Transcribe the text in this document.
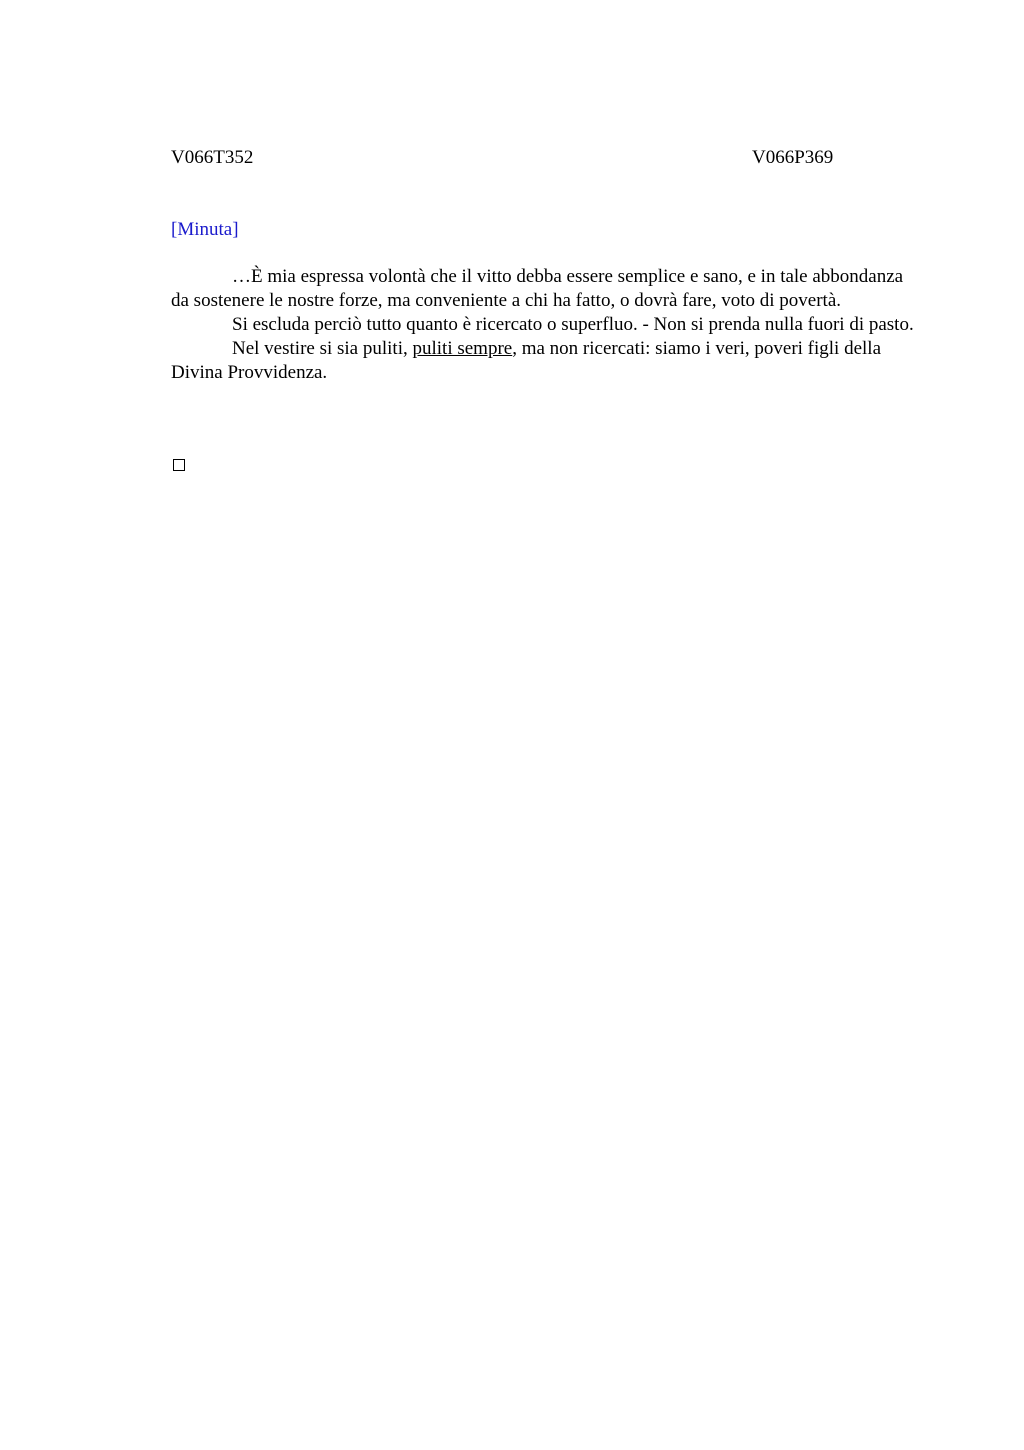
V066T352	V066P369
[Minuta]

…È mia espressa volontà che il vitto debba essere semplice e sano, e in tale abbondanza da sostenere le nostre forze, ma conveniente a chi ha fatto, o dovrà fare, voto di povertà.

Si escluda perciò tutto quanto è ricercato o superfluo. - Non si prenda nulla fuori di pasto.

Nel vestire si sia puliti, puliti sempre, ma non ricercati: siamo i veri, poveri figli della Divina Provvidenza.
